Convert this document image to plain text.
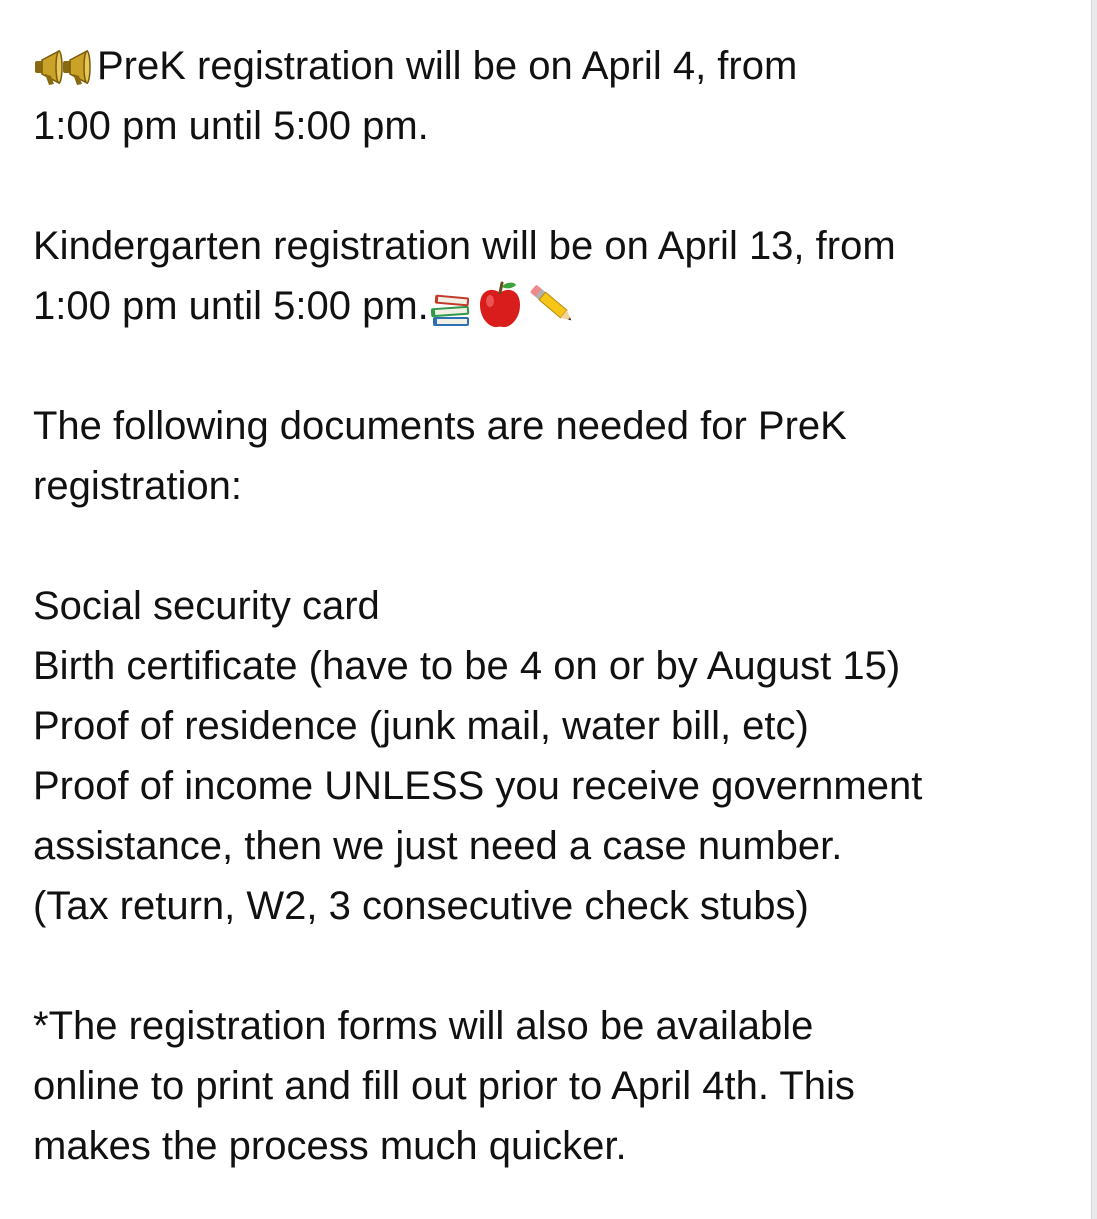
PreK registration will be on April 4, from
1:00 pm until 5:00 pm.
Kindergarten registration will be on April 13, from
1:00 pm until 5:00 pm.
The following documents are needed for PreK
registration:
Social security card
Birth certificate (have to be 4 on or by August 15)
Proof of residence (junk mail, water bill, etc)
Proof of income UNLESS you receive government
assistance, then we just need a case number.
(Tax return, W2, 3 consecutive check stubs)
*The registration forms will also be available
online to print and fill out prior to April 4th. This
makes the process much quicker.
